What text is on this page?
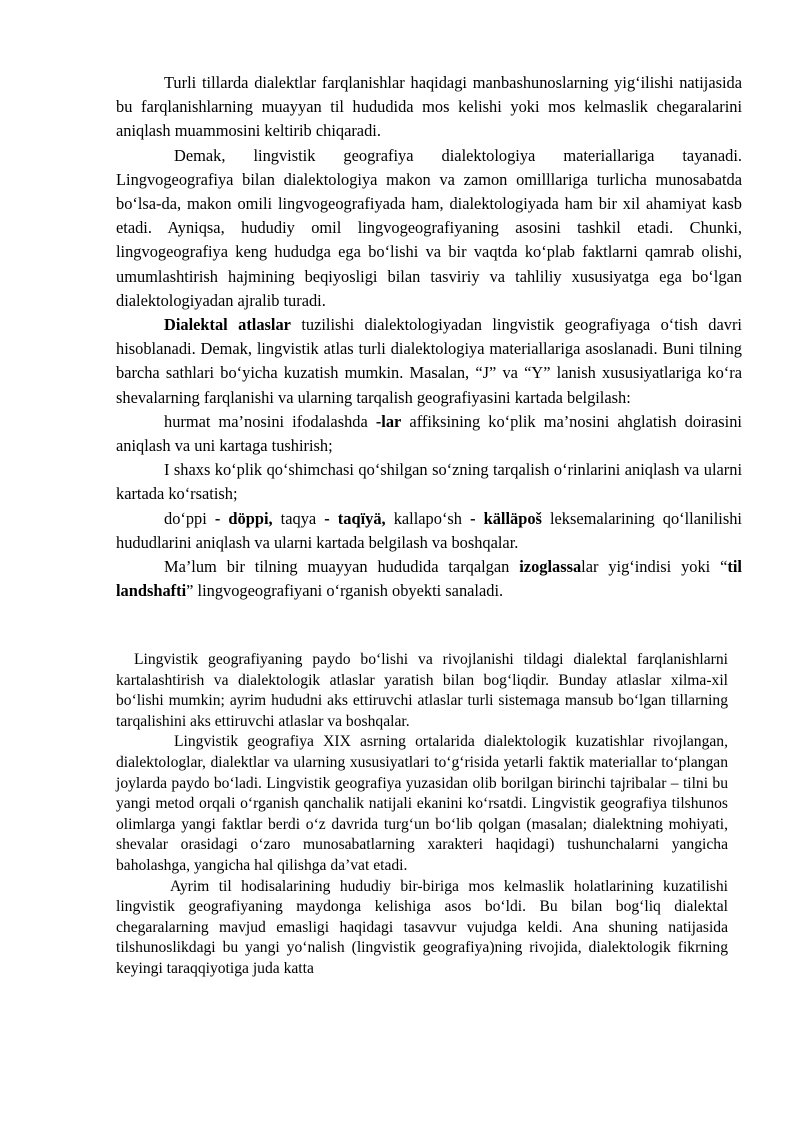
Turli tillarda dialektlar farqlanishlar haqidagi manbashunoslarning yig‘ilishi natijasida bu farqlanishlarning muayyan til hududida mos kelishi yoki mos kelmaslik chegaralarini aniqlash muammosini keltirib chiqaradi.

Demak, lingvistik geografiya dialektologiya materiallariga tayanadi. Lingvogeografiya bilan dialektologiya makon va zamon omilllariga turlicha munosabatda bo‘lsa-da, makon omili lingvogeografiyada ham, dialektologiyada ham bir xil ahamiyat kasb etadi. Ayniqsa, hududiy omil lingvogeografiyaning asosini tashkil etadi. Chunki, lingvogeografiya keng hududga ega bo‘lishi va bir vaqtda ko‘plab faktlarni qamrab olishi, umumlashtirish hajmining beqiyosligi bilan tasviriy va tahliliy xususiyatga ega bo‘lgan dialektologiyadan ajralib turadi.

Dialektal atlaslar tuzilishi dialektologiyadan lingvistik geografiyaga o‘tish davri hisoblanadi. Demak, lingvistik atlas turli dialektologiya materiallariga asoslanadi. Buni tilning barcha sathlari bo‘yicha kuzatish mumkin. Masalan, “J” va “Y” lanish xususiyatlariga ko‘ra shevalarning farqlanishi va ularning tarqalish geografiyasini kartada belgilash:

hurmat ma’nosini ifodalashda -lar affiksining ko‘plik ma’nosini ahglatish doirasini aniqlash va uni kartaga tushirish;

I shaxs ko‘plik qo‘shimchasi qo‘shilgan so‘zning tarqalish o‘rinlarini aniqlash va ularni kartada ko‘rsatish;

do‘ppi - döppi, taqya - taqïyä, kallapo‘sh - källäpoš leksemalarining qo‘llanilishi hududlarini aniqlash va ularni kartada belgilash va boshqalar.

Ma’lum bir tilning muayyan hududida tarqalgan izoglassalar yig‘indisi yoki “til landshafti” lingvogeografiyani o‘rganish obyekti sanaladi.

Lingvistik geografiyaning paydo bo‘lishi va rivojlanishi tildagi dialektal farqlanishlarni kartalashtirish va dialektologik atlaslar yaratish bilan bog‘liqdir. Bunday atlaslar xilma-xil bo‘lishi mumkin; ayrim hududni aks ettiruvchi atlaslar turli sistemaga mansub bo‘lgan tillarning tarqalishini aks ettiruvchi atlaslar va boshqalar.

Lingvistik geografiya XIX asrning ortalarida dialektologik kuzatishlar rivojlangan, dialektologlar, dialektlar va ularning xususiyatlari to‘g‘risida yetarli faktik materiallar to‘plangan joylarda paydo bo‘ladi. Lingvistik geografiya yuzasidan olib borilgan birinchi tajribalar – tilni bu yangi metod orqali o‘rganish qanchalik natijali ekanini ko‘rsatdi. Lingvistik geografiya tilshunos olimlarga yangi faktlar berdi o‘z davrida turg‘un bo‘lib qolgan (masalan; dialektning mohiyati, shevalar orasidagi o‘zaro munosabatlarning xarakteri haqidagi) tushunchalarni yangicha baholashga, yangicha hal qilishga da’vat etadi.

Ayrim til hodisalarining hududiy bir-biriga mos kelmaslik holatlarining kuzatilishi lingvistik geografiyaning maydonga kelishiga asos bo‘ldi. Bu bilan bog‘liq dialektal chegaralarning mavjud emasligi haqidagi tasavvur vujudga keldi. Ana shuning natijasida tilshunoslikdagi bu yangi yo‘nalish (lingvistik geografiya)ning rivojida, dialektologik fikrning keyingi taraqqiyotiga juda katta
